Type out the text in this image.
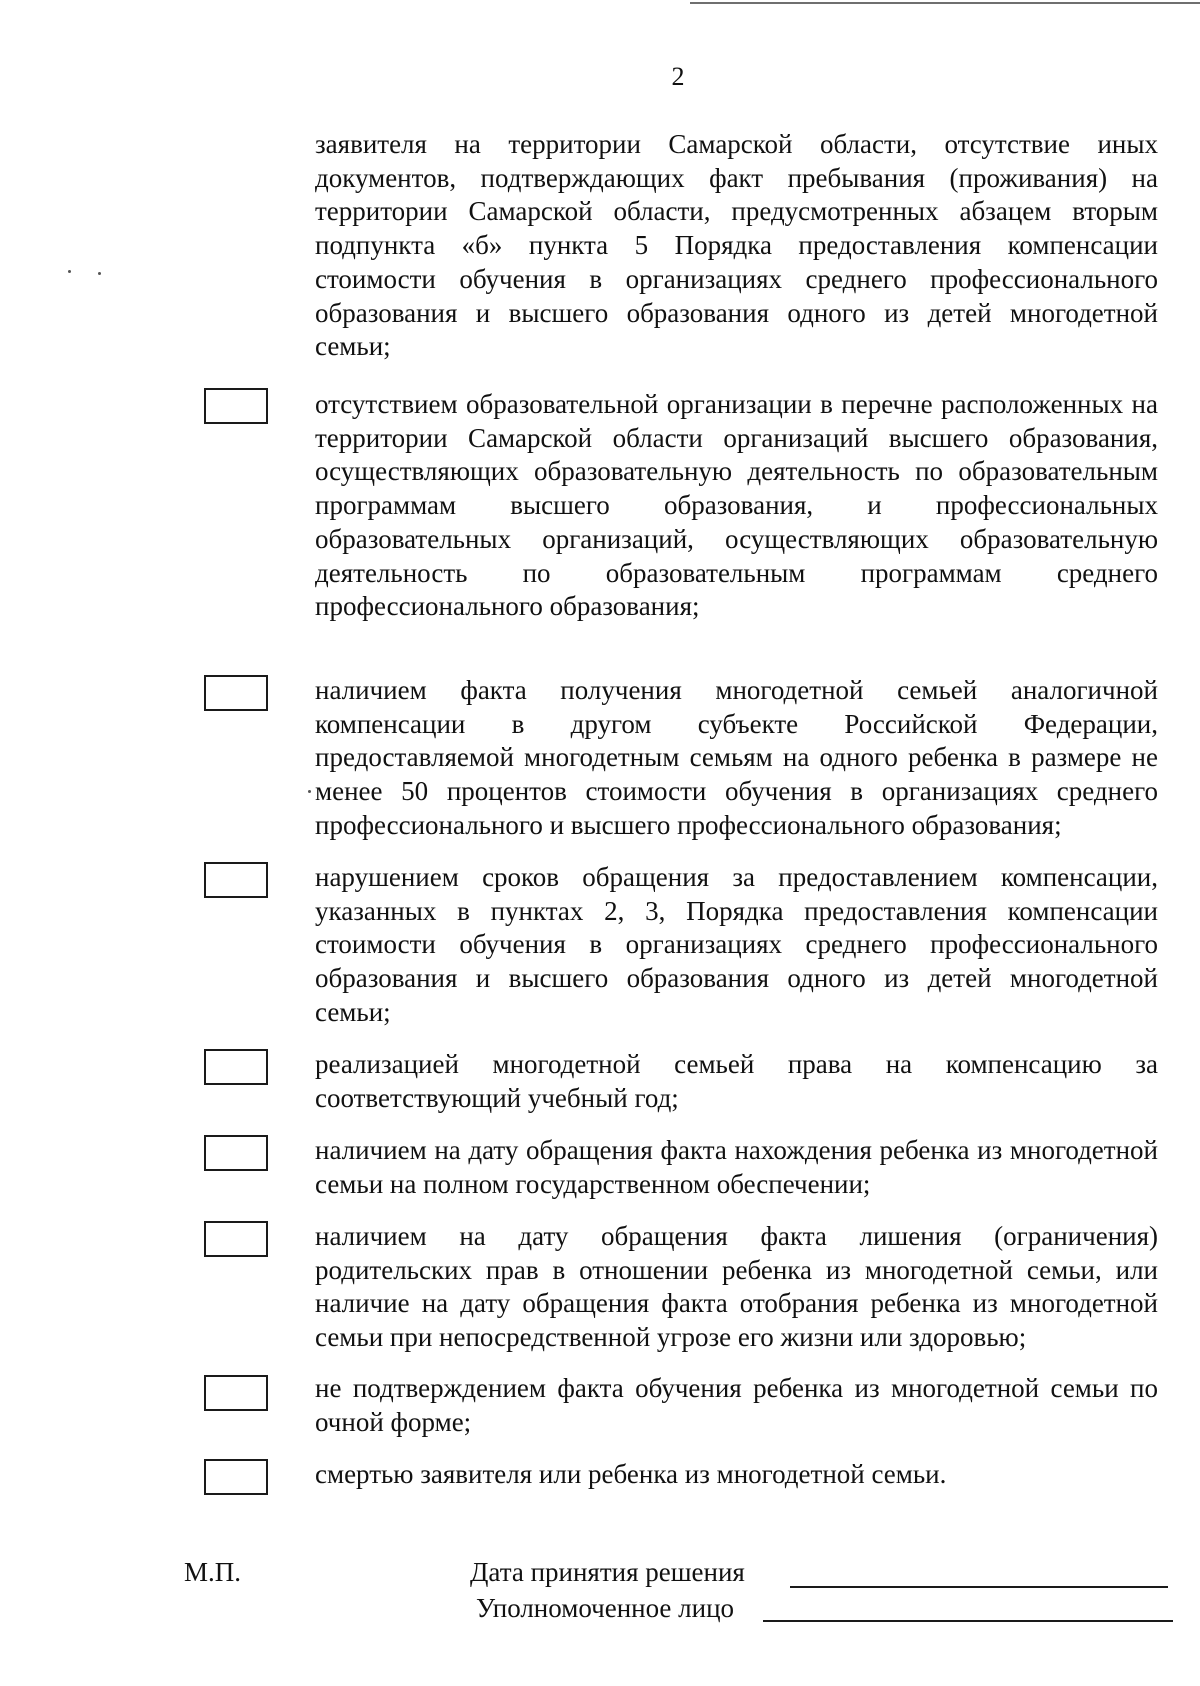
2

заявителя на территории Самарской области, отсутствие иных документов, подтверждающих факт пребывания (проживания) на территории Самарской области, предусмотренных абзацем вторым подпункта «б» пункта 5 Порядка предоставления компенсации стоимости обучения в организациях среднего профессионального образования и высшего образования одного из детей многодетной семьи;

отсутствием образовательной организации в перечне расположенных на территории Самарской области организаций высшего образования, осуществляющих образовательную деятельность по образовательным программам высшего образования, и профессиональных образовательных организаций, осуществляющих образовательную деятельность по образовательным программам среднего профессионального образования;

наличием факта получения многодетной семьей аналогичной компенсации в другом субъекте Российской Федерации, предоставляемой многодетным семьям на одного ребенка в размере не менее 50 процентов стоимости обучения в организациях среднего профессионального и высшего профессионального образования;

нарушением сроков обращения за предоставлением компенсации, указанных в пунктах 2, 3, Порядка предоставления компенсации стоимости обучения в организациях среднего профессионального образования и высшего образования одного из детей многодетной семьи;

реализацией многодетной семьей права на компенсацию за соответствующий учебный год;

наличием на дату обращения факта нахождения ребенка из многодетной семьи на полном государственном обеспечении;

наличием на дату обращения факта лишения (ограничения) родительских прав в отношении ребенка из многодетной семьи, или наличие на дату обращения факта отобрания ребенка из многодетной семьи при непосредственной угрозе его жизни или здоровью;

не подтверждением факта обучения ребенка из многодетной семьи по очной форме;

смертью заявителя или ребенка из многодетной семьи.

М.П.	Дата принятия решения
Уполномоченное лицо
